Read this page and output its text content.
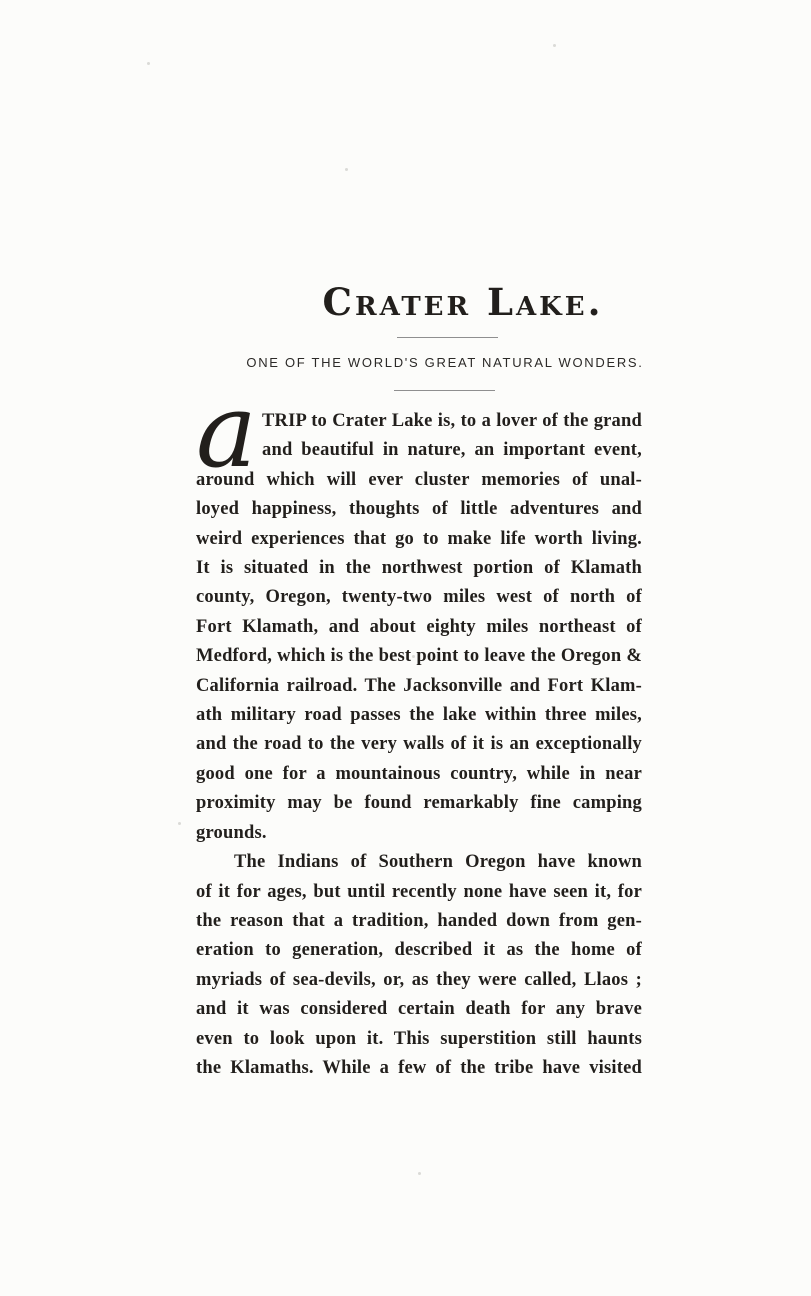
Crater Lake.
ONE OF THE WORLD'S GREAT NATURAL WONDERS.
a TRIP to Crater Lake is, to a lover of the grand
and beautiful in nature, an important event,
around which will ever cluster memories of unal-
loyed happiness, thoughts of little adventures and
weird experiences that go to make life worth living.
It is situated in the northwest portion of Klamath
county, Oregon, twenty-two miles west of north of
Fort Klamath, and about eighty miles northeast of
Medford, which is the best point to leave the Oregon &
California railroad. The Jacksonville and Fort Klam-
ath military road passes the lake within three miles,
and the road to the very walls of it is an exceptionally
good one for a mountainous country, while in near
proximity may be found remarkably fine camping
grounds.
The Indians of Southern Oregon have known
of it for ages, but until recently none have seen it, for
the reason that a tradition, handed down from gen-
eration to generation, described it as the home of
myriads of sea-devils, or, as they were called, Llaos ;
and it was considered certain death for any brave
even to look upon it. This superstition still haunts
the Klamaths. While a few of the tribe have visited
